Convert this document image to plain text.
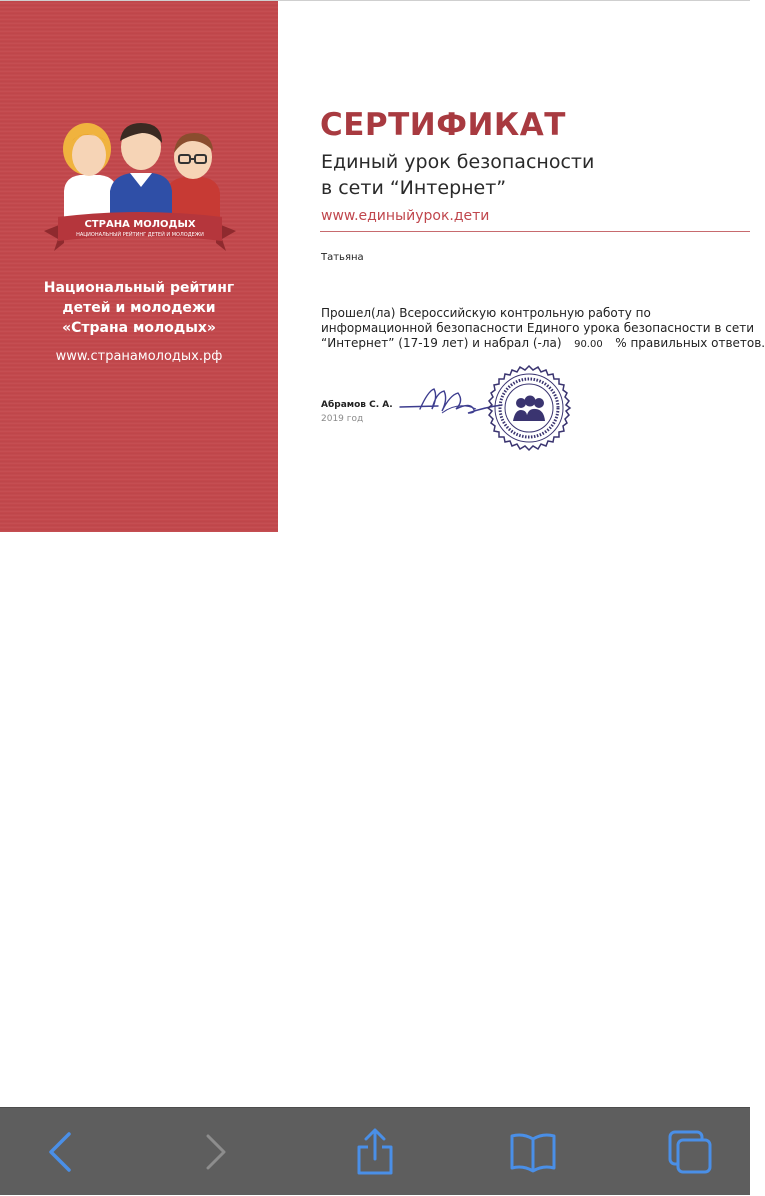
СТРАНА МОЛОДЫХ
НАЦИОНАЛЬНЫЙ РЕЙТИНГ ДЕТЕЙ И МОЛОДЕЖИ
Национальный рейтинг
детей и молодежи
«Страна молодых»
www.странамолодых.рф
СЕРТИФИКАТ
Единый урок безопасности
в сети “Интернет”
www.единыйурок.дети
Татьяна
Прошел(ла) Всероссийскую контрольную работу по
информационной безопасности Единого урока безопасности в сети
“Интернет” (17-19 лет) и набрал (-ла) 90.00 % правильных ответов.
Абрамов С. А.
2019 год
